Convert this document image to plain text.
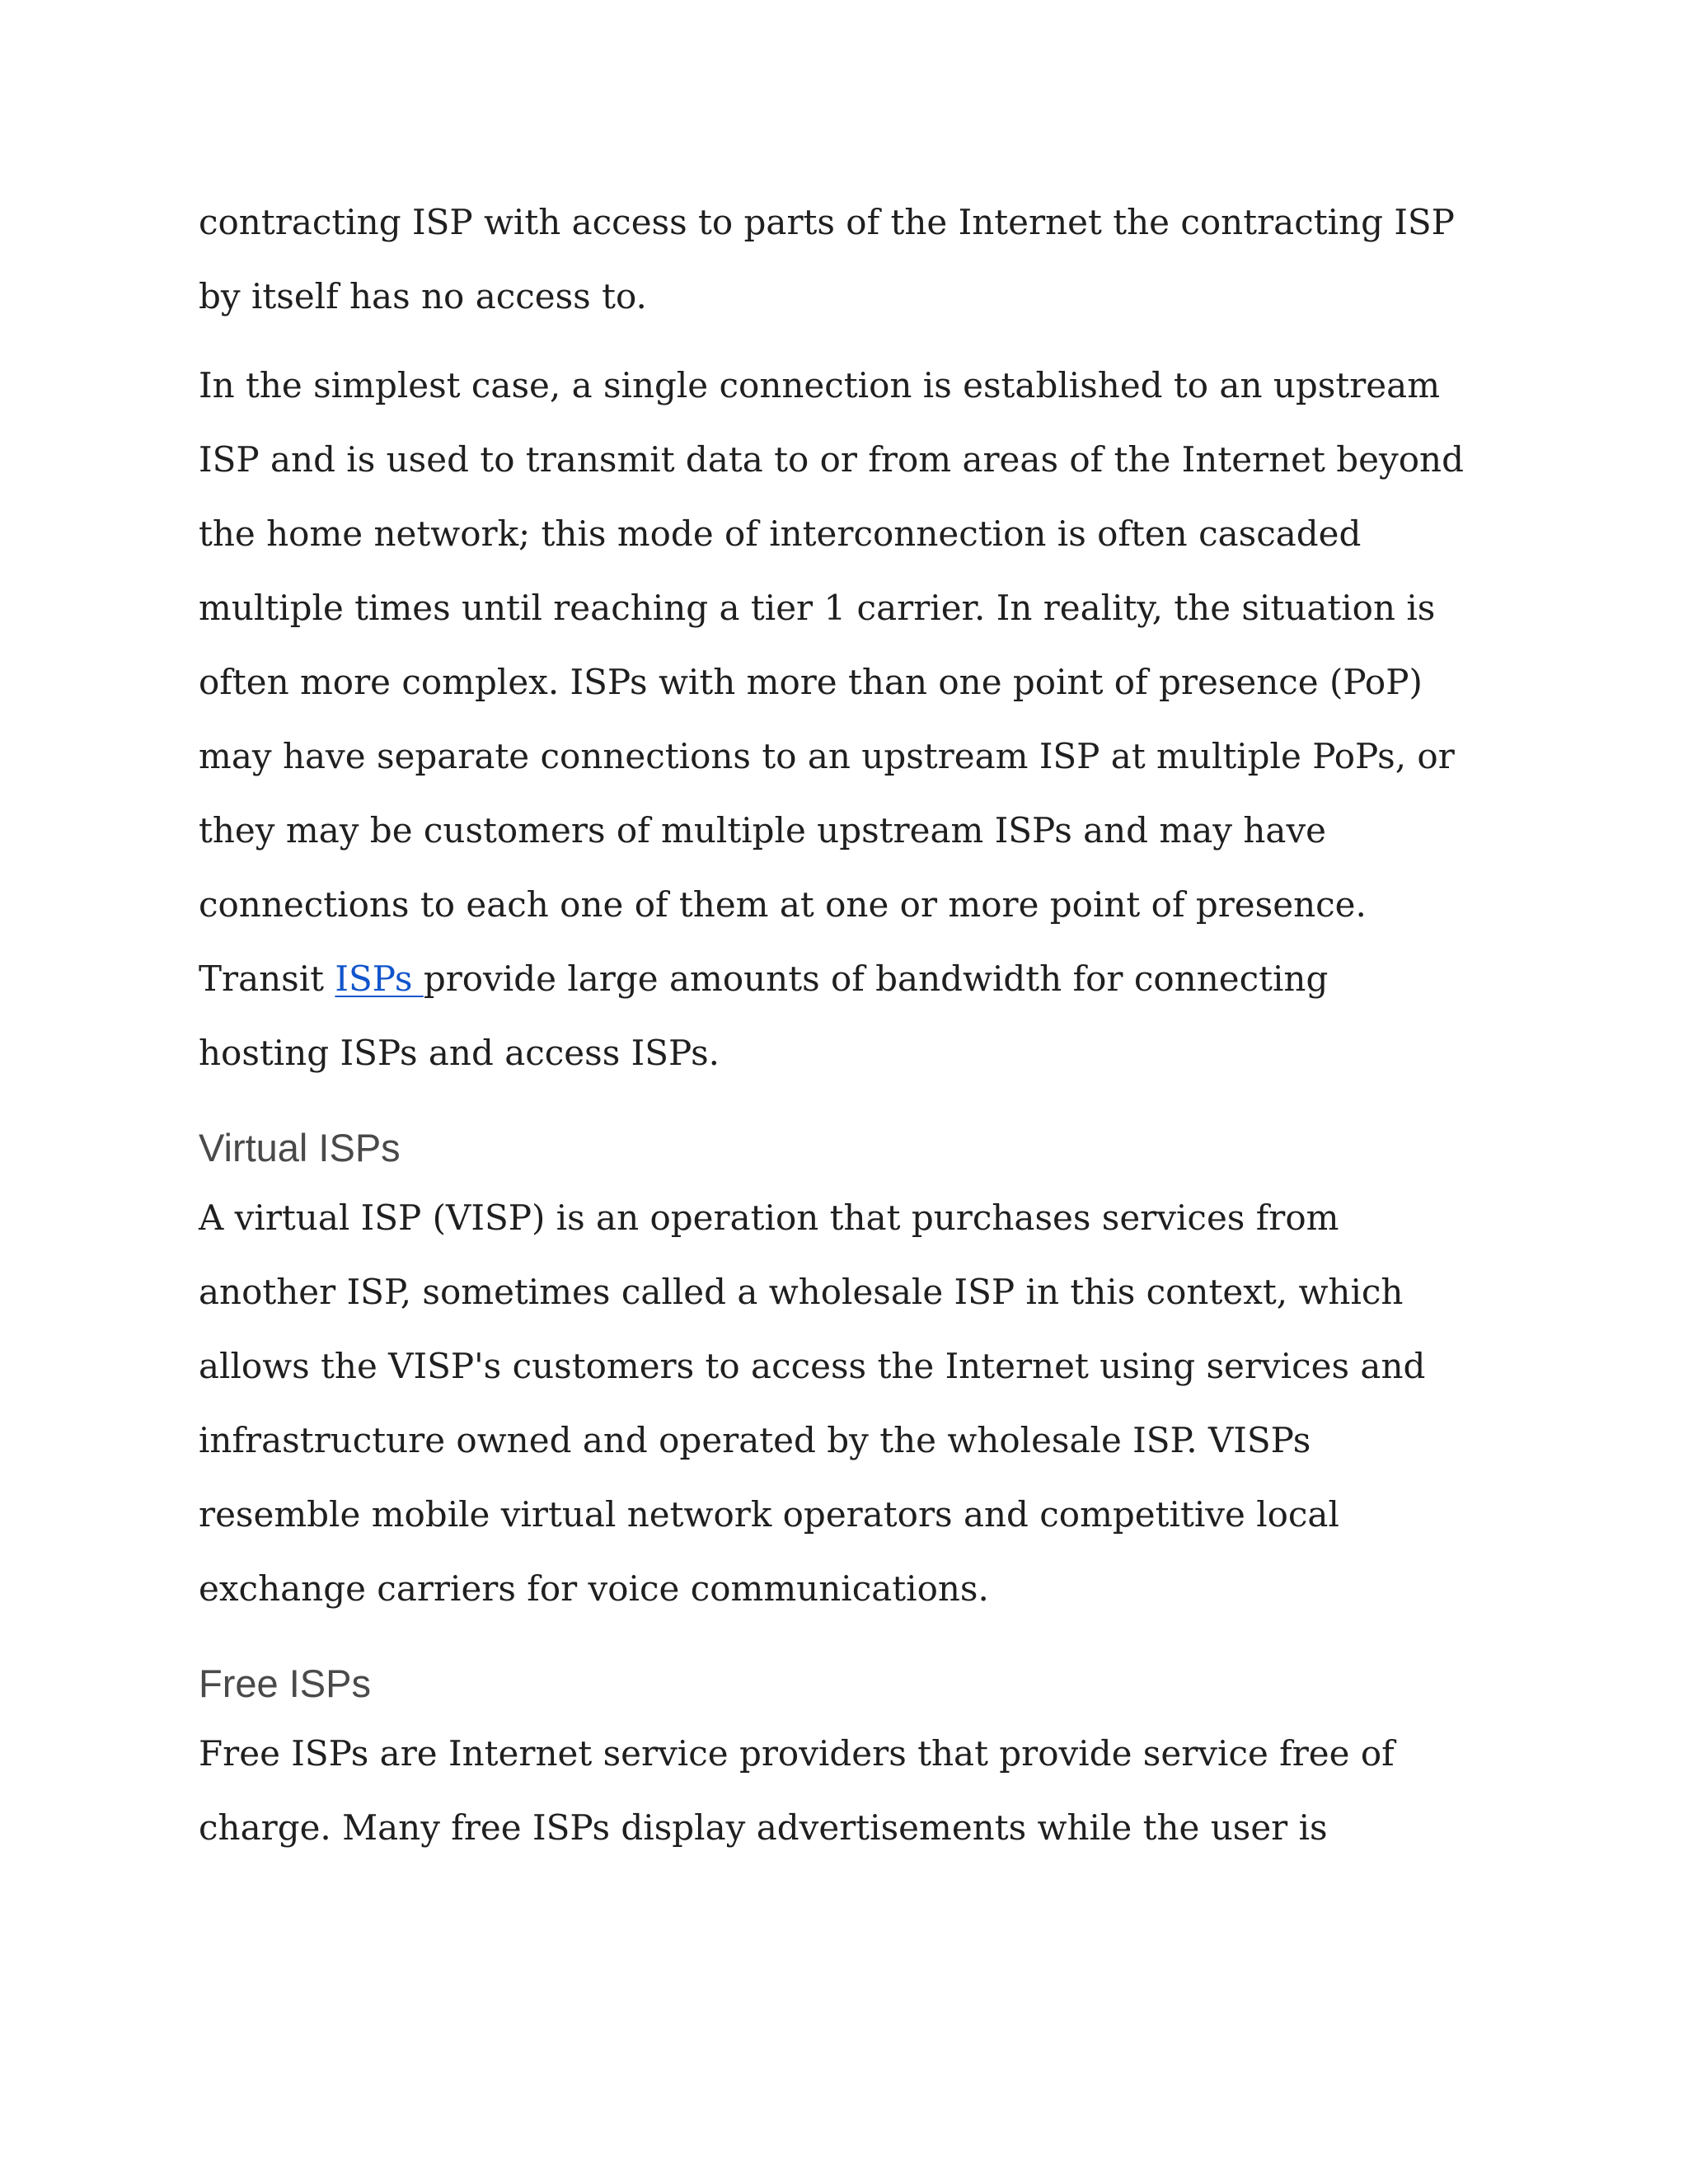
contracting ISP with access to parts of the Internet the contracting ISP
by itself has no access to.

In the simplest case, a single connection is established to an upstream
ISP and is used to transmit data to or from areas of the Internet beyond
the home network; this mode of interconnection is often cascaded
multiple times until reaching a tier 1 carrier. In reality, the situation is
often more complex. ISPs with more than one point of presence (PoP)
may have separate connections to an upstream ISP at multiple PoPs, or
they may be customers of multiple upstream ISPs and may have
connections to each one of them at one or more point of presence.
Transit ISPs provide large amounts of bandwidth for connecting
hosting ISPs and access ISPs.

Virtual ISPs

A virtual ISP (VISP) is an operation that purchases services from
another ISP, sometimes called a wholesale ISP in this context, which
allows the VISP's customers to access the Internet using services and
infrastructure owned and operated by the wholesale ISP. VISPs
resemble mobile virtual network operators and competitive local
exchange carriers for voice communications.

Free ISPs

Free ISPs are Internet service providers that provide service free of
charge. Many free ISPs display advertisements while the user is
